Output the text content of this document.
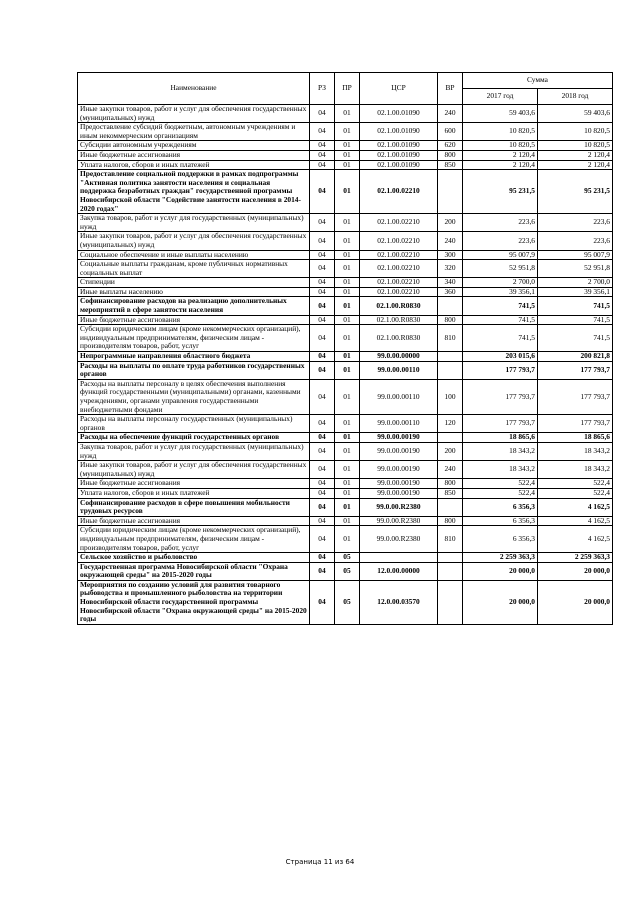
Наименование	РЗ	ПР	ЦСР	ВР	Сумма	
					2017 год	2018 год
Иные закупки товаров, работ и услуг для обеспечения государственных (муниципальных) нужд	04	01	02.1.00.01090	240	59 403,6	59 403,6
Предоставление субсидий бюджетным, автономным учреждениям и иным некоммерческим организациям	04	01	02.1.00.01090	600	10 820,5	10 820,5
Субсидии автономным учреждениям	04	01	02.1.00.01090	620	10 820,5	10 820,5
Иные бюджетные ассигнования	04	01	02.1.00.01090	800	2 120,4	2 120,4
Уплата налогов, сборов и иных платежей	04	01	02.1.00.01090	850	2 120,4	2 120,4
Предоставление социальной поддержки в рамках подпрограммы "Активная политика занятости населения и социальная поддержка безработных граждан" государственной программы Новосибирской области "Содействие занятости населения в 2014-2020 годах"	04	01	02.1.00.02210		95 231,5	95 231,5
Закупка товаров, работ и услуг для государственных (муниципальных) нужд	04	01	02.1.00.02210	200	223,6	223,6
Иные закупки товаров, работ и услуг для обеспечения государственных (муниципальных) нужд	04	01	02.1.00.02210	240	223,6	223,6
Социальное обеспечение и иные выплаты населению	04	01	02.1.00.02210	300	95 007,9	95 007,9
Социальные выплаты гражданам, кроме публичных нормативных социальных выплат	04	01	02.1.00.02210	320	52 951,8	52 951,8
Стипендии	04	01	02.1.00.02210	340	2 700,0	2 700,0
Иные выплаты населению	04	01	02.1.00.02210	360	39 356,1	39 356,1
Софинансирование расходов на реализацию дополнительных мероприятий в сфере занятости населения	04	01	02.1.00.R0830		741,5	741,5
Иные бюджетные ассигнования	04	01	02.1.00.R0830	800	741,5	741,5
Субсидии юридическим лицам (кроме некоммерческих организаций), индивидуальным предпринимателям, физическим лицам - производителям товаров, работ, услуг	04	01	02.1.00.R0830	810	741,5	741,5
Непрограммные направления областного бюджета	04	01	99.0.00.00000		203 015,6	200 821,8
Расходы на выплаты по оплате труда работников государственных органов	04	01	99.0.00.00110		177 793,7	177 793,7
Расходы на выплаты персоналу в целях обеспечения выполнения функций государственными (муниципальными) органами, казенными учреждениями, органами управления государственными внебюджетными фондами	04	01	99.0.00.00110	100	177 793,7	177 793,7
Расходы на выплаты персоналу государственных (муниципальных) органов	04	01	99.0.00.00110	120	177 793,7	177 793,7
Расходы на обеспечение функций государственных органов	04	01	99.0.00.00190		18 865,6	18 865,6
Закупка товаров, работ и услуг для государственных (муниципальных) нужд	04	01	99.0.00.00190	200	18 343,2	18 343,2
Иные закупки товаров, работ и услуг для обеспечения государственных (муниципальных) нужд	04	01	99.0.00.00190	240	18 343,2	18 343,2
Иные бюджетные ассигнования	04	01	99.0.00.00190	800	522,4	522,4
Уплата налогов, сборов и иных платежей	04	01	99.0.00.00190	850	522,4	522,4
Софинансирование расходов в сфере повышения мобильности трудовых ресурсов	04	01	99.0.00.R2380		6 356,3	4 162,5
Иные бюджетные ассигнования	04	01	99.0.00.R2380	800	6 356,3	4 162,5
Субсидии юридическим лицам (кроме некоммерческих организаций), индивидуальным предпринимателям, физическим лицам - производителям товаров, работ, услуг	04	01	99.0.00.R2380	810	6 356,3	4 162,5
Сельское хозяйство и рыболовство	04	05			2 259 363,3	2 259 363,3
Государственная программа Новосибирской области "Охрана окружающей среды" на 2015-2020 годы	04	05	12.0.00.00000		20 000,0	20 000,0
Мероприятия по созданию условий для развития товарного рыбоводства и промышленного рыболовства на территории Новосибирской области государственной программы Новосибирской области "Охрана окружающей среды" на 2015-2020 годы	04	05	12.0.00.03570		20 000,0	20 000,0
Страница 11 из 64
